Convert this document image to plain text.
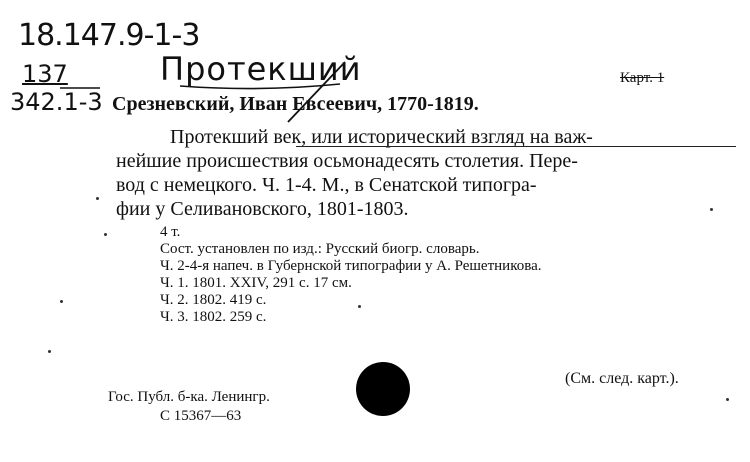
18.147.9-1-3
137
342.1-3
Протекший	Карт. 1
Срезневский, Иван Евсеевич, 1770-1819.
Протекший век, или исторический взгляд на важ-
нейшие происшествия осьмонадесять столетия. Пере-
вод с немецкого. Ч. 1-4. М., в Сенатской типогра-
фии у Селивановского, 1801-1803.
4 т.
Сост. установлен по изд.: Русский биогр. словарь.
Ч. 2-4-я напеч. в Губернской типографии у А. Решетникова.
Ч. 1. 1801. XXIV, 291 с. 17 см.
Ч. 2. 1802. 419 с.
Ч. 3. 1802. 259 с.
Гос. Публ. б-ка. Ленингр.
С 15367—63
(См. след. карт.).
